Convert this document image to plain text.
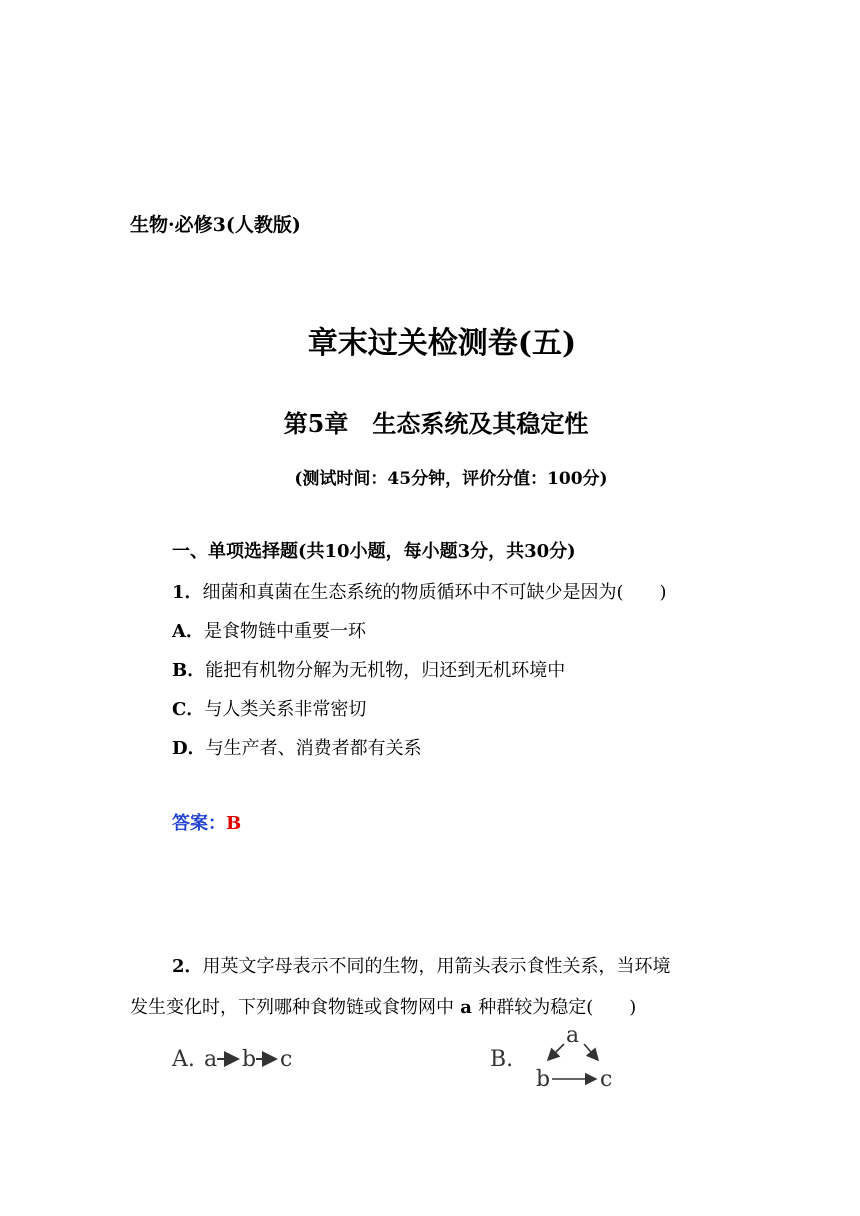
生物·必修3(人教版)
章末过关检测卷(五)
第5章　生态系统及其稳定性
(测试时间：45分钟，评价分值：100分)
一、单项选择题(共10小题，每小题3分，共30分)
1．细菌和真菌在生态系统的物质循环中不可缺少是因为(　　)
A．是食物链中重要一环
B．能把有机物分解为无机物，归还到无机环境中
C．与人类关系非常密切
D．与生产者、消费者都有关系
答案：B
2．用英文字母表示不同的生物，用箭头表示食性关系，当环境
发生变化时，下列哪种食物链或食物网中 a 种群较为稳定(　　)
A. a b c	B.
a
b c
